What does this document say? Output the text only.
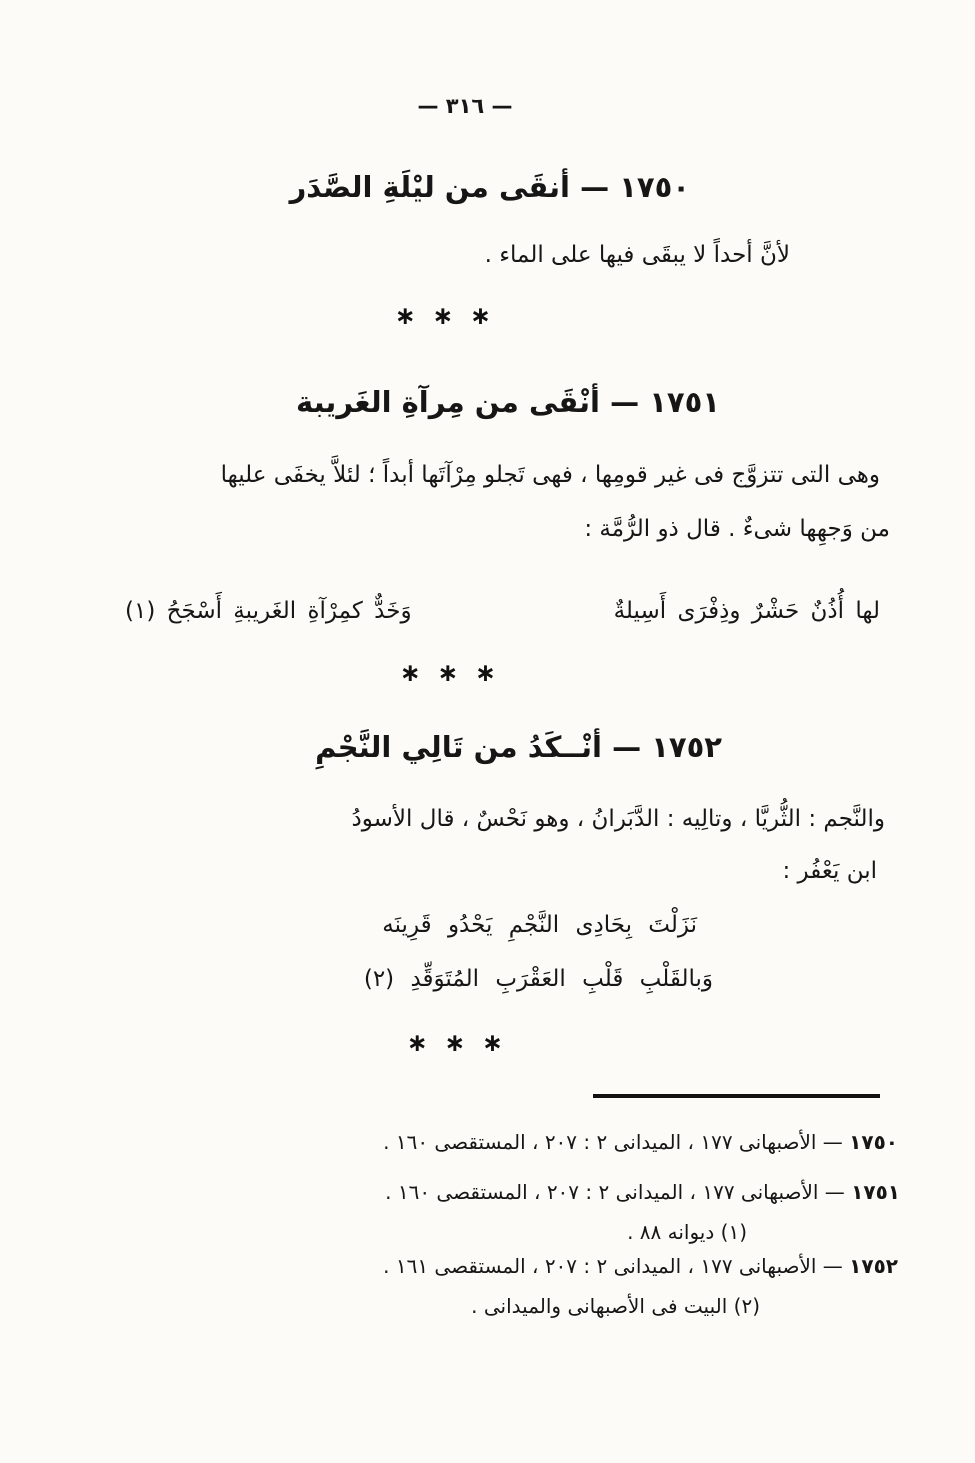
— ٣١٦ —
١٧٥٠ — أنقَى من ليْلَةِ الصَّدَر
لأنَّ أحداً لا يبقَى فيها على الماء .
∗ ∗ ∗
١٧٥١ — أنْقَى من مِرآةِ الغَريبة
وهى التى تتزوَّج فى غير قومِها ، فهى تَجلو مِرْآتَها أبداً ؛ لئلاَّ يخفَى عليها
من وَجهِها شىءٌ . قال ذو الرُّمَّة :
لها أُذُنٌ حَشْرٌ وذِفْرَى أَسِيلةٌ
وَخَدٌّ كمِرْآةِ الغَريبةِ أَسْجَحُ (١)
∗ ∗ ∗
١٧٥٢ — أنْــكَدُ من تَالِي النَّجْمِ
والنَّجم : الثُّريَّا ، وتالِيه : الدَّبَرانُ ، وهو نَحْسٌ ، قال الأسودُ
ابن يَعْفُر :
نَزَلْتَ بِحَادِى النَّجْمِ يَحْدُو قَرِينَه
وَبالقَلْبِ قَلْبِ العَقْرَبِ المُتَوَقِّدِ (٢)
∗ ∗ ∗
١٧٥٠ — الأصبهانى ١٧٧ ، الميدانى ٢ : ٢٠٧ ، المستقصى ١٦٠ .
١٧٥١ — الأصبهانى ١٧٧ ، الميدانى ٢ : ٢٠٧ ، المستقصى ١٦٠ .
(١) ديوانه ٨٨ .
١٧٥٢ — الأصبهانى ١٧٧ ، الميدانى ٢ : ٢٠٧ ، المستقصى ١٦١ .
(٢) البيت فى الأصبهانى والميدانى .
